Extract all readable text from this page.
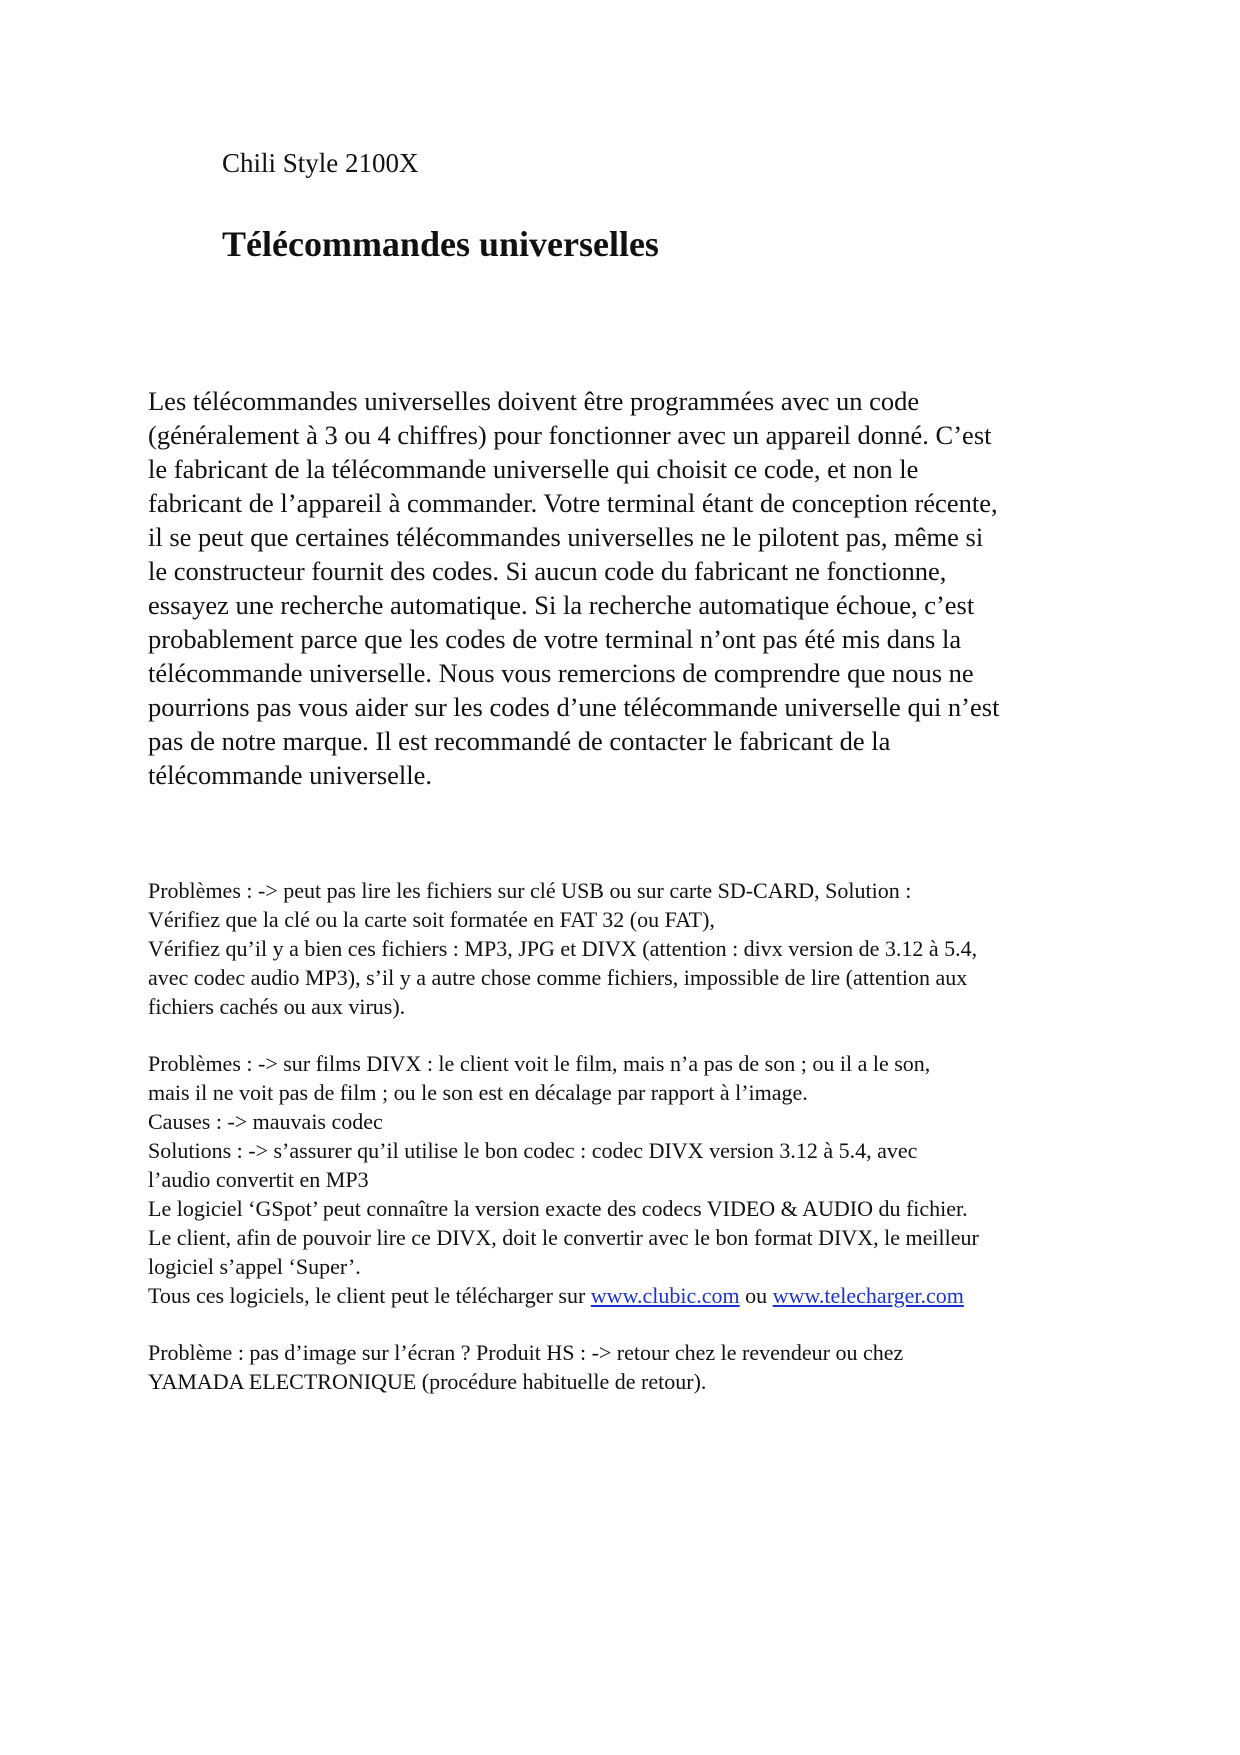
Chili Style 2100X

Télécommandes universelles
Les télécommandes universelles doivent être programmées avec un code
(généralement à 3 ou 4 chiffres) pour fonctionner avec un appareil donné. C’est
le fabricant de la télécommande universelle qui choisit ce code, et non le
fabricant de l’appareil à commander. Votre terminal étant de conception récente,
il se peut que certaines télécommandes universelles ne le pilotent pas, même si
le constructeur fournit des codes. Si aucun code du fabricant ne fonctionne,
essayez une recherche automatique. Si la recherche automatique échoue, c’est
probablement parce que les codes de votre terminal n’ont pas été mis dans la
télécommande universelle. Nous vous remercions de comprendre que nous ne
pourrions pas vous aider sur les codes d’une télécommande universelle qui n’est
pas de notre marque. Il est recommandé de contacter le fabricant de la
télécommande universelle.
Problèmes : -> peut pas lire les fichiers sur clé USB ou sur carte SD-CARD, Solution :
Vérifiez que la clé ou la carte soit formatée en FAT 32 (ou FAT),
Vérifiez qu’il y a bien ces fichiers : MP3, JPG et DIVX (attention : divx version de 3.12 à 5.4,
avec codec audio MP3), s’il y a autre chose comme fichiers, impossible de lire (attention aux
fichiers cachés ou aux virus).
Problèmes : -> sur films DIVX : le client voit le film, mais n’a pas de son ; ou il a le son,
mais il ne voit pas de film ; ou le son est en décalage par rapport à l’image.
Causes : -> mauvais codec
Solutions : -> s’assurer qu’il utilise le bon codec : codec DIVX version 3.12 à 5.4, avec
l’audio convertit en MP3
Le logiciel ‘GSpot’ peut connaître la version exacte des codecs VIDEO & AUDIO du fichier.
Le client, afin de pouvoir lire ce DIVX, doit le convertir avec le bon format DIVX, le meilleur
logiciel s’appel ‘Super’.
Tous ces logiciels, le client peut le télécharger sur www.clubic.com ou www.telecharger.com
Problème : pas d’image sur l’écran ? Produit HS : -> retour chez le revendeur ou chez
YAMADA ELECTRONIQUE (procédure habituelle de retour).
